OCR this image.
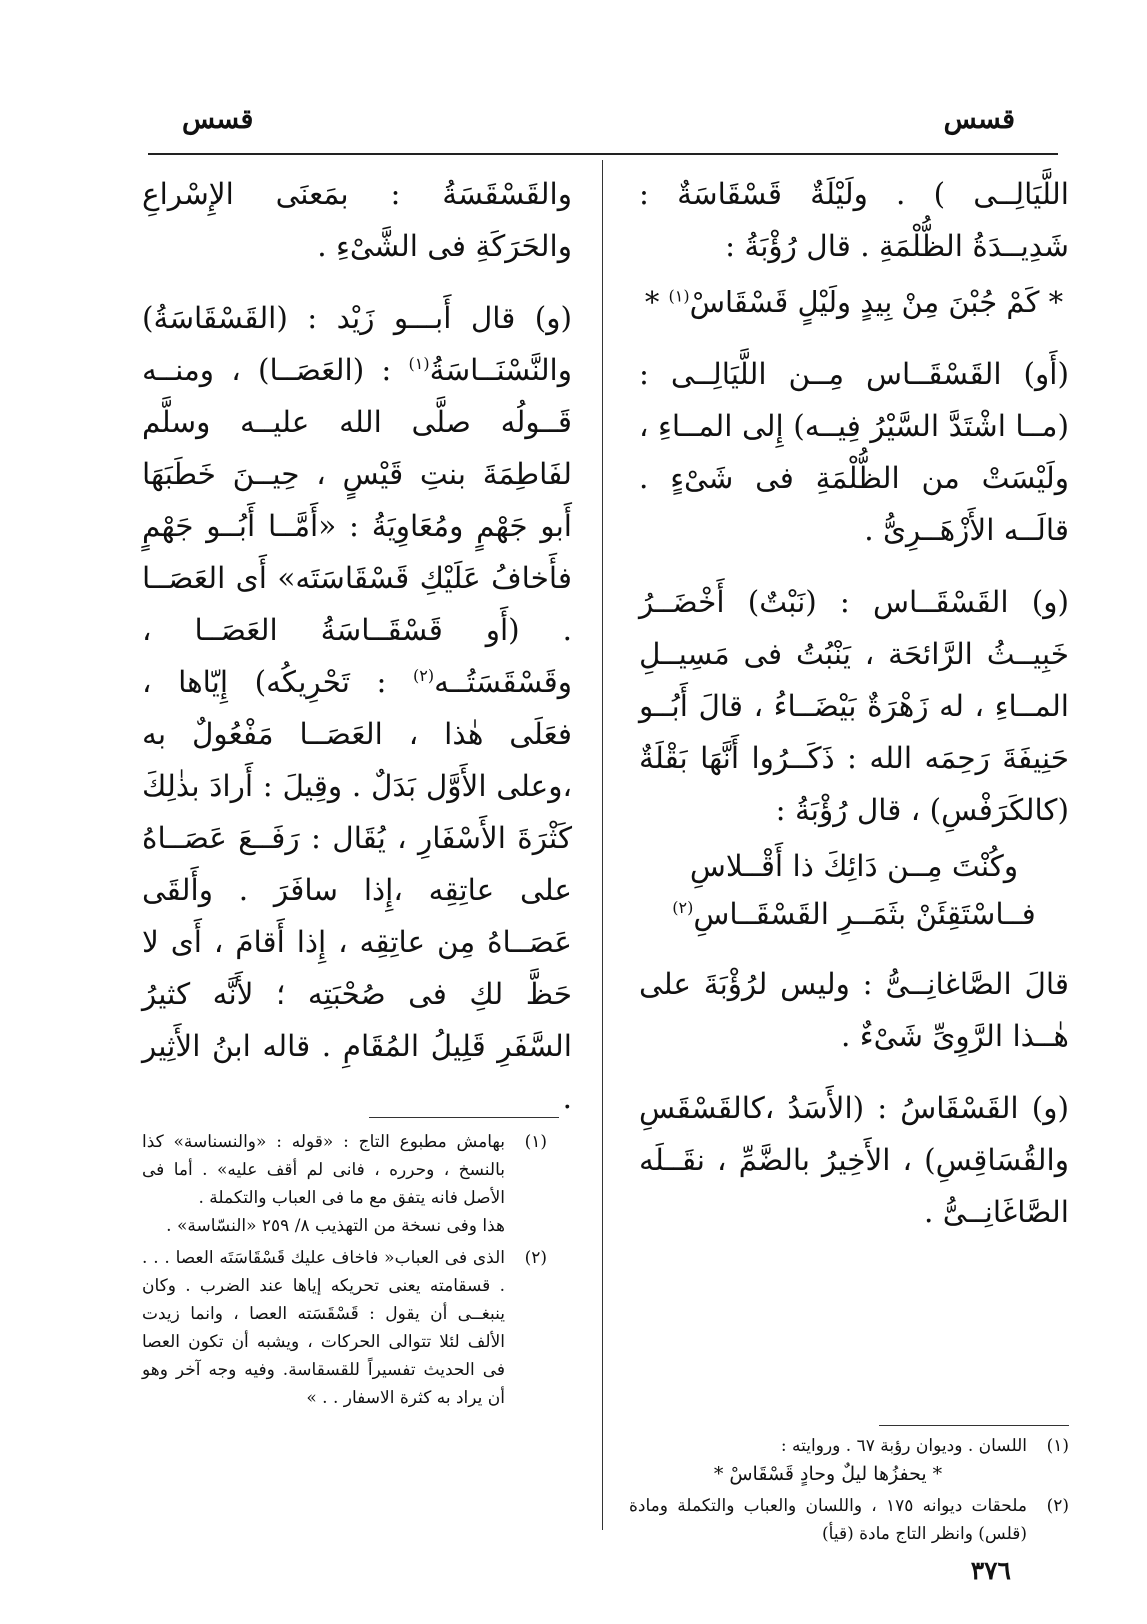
قسس
قسس

اللَّيَالِــى ) . ولَيْلَةٌ قَسْقَاسَةٌ : شَدِيــدَةُ الظُّلْمَةِ . قال رُؤْبَةُ :

* كَمْ جُبْنَ مِنْ بِيدٍ ولَيْلٍ قَسْقَاسْ$^{(١)}$ *

(أَو) القَسْقَــاس مِــن اللَّيَالِــى : (مــا اشْتَدَّ السَّيْرُ فِيــه) إِلى المــاءِ ، ولَيْسَتْ من الظُّلْمَةِ فى شَىْءٍ . قالَــه الأَزْهَــرِىُّ .

(و) القَسْقَــاس : (نَبْتٌ) أَخْضَــرُ خَبِيــثُ الرَّائحَة ، يَنْبُتُ فى مَسِيــلِ المــاءِ ، له زَهْرَةٌ بَيْضَــاءُ ، قالَ أَبُــو حَنِيفَةَ رَحِمَه الله : ذَكَــرُوا أَنَّهَا بَقْلَةٌ (كالكَرَفْسِ) ، قال رُؤْبَةُ :

وكُنْتَ مِــن دَائِكَ ذا أَقْــلاسِ
فــاسْتَقِئَنْ بثَمَــرِ القَسْقَــاسِ$^{(٢)}$

قالَ الصَّاغانِــىُّ : وليس لرُؤْبَةَ على هٰــذا الرَّوِىِّ شَىْءٌ .

(و) القَسْقَاسُ : (الأَسَدُ ،كالقَسْقَسِ والقُسَاقِسِ) ، الأَخِيرُ بالضَّمِّ ، نقَــلَه الصَّاغَانِــىُّ .

والقَسْقَسَةُ : بمَعنَى الإِسْراعِ والحَرَكَةِ فى الشَّىْءِ .

(و) قال أَبـــو زَيْد : (القَسْقَاسَةُ) والنَّسْنَــاسَةُ$^{(١)}$ : (العَصَــا) ، ومنــه قَــولُه صلَّى الله عليــه وسلَّم لفَاطِمَةَ بنتِ قَيْسٍ ، حِيــنَ خَطَبَهَا أَبو جَهْمٍ ومُعَاوِيَةُ : «أَمَّــا أَبُــو جَهْمٍ فأَخافُ عَلَيْكِ قَسْقَاسَتَه» أَى العَصَــا . (أَو قَسْقَــاسَةُ العَصَــا ، وقَسْقَسَتُــه$^{(٢)}$ : تَحْرِيكُه) إِيّاها ، فعَلَى هٰذا ، العَصَــا مَفْعُولٌ به ،وعلى الأَوَّل بَدَلٌ . وقِيلَ : أَرادَ بذٰلِكَ كَثْرَةَ الأَسْفَارِ ، يُقَال : رَفَــعَ عَصَــاهُ على عاتِقِه ،إِذا سافَرَ . وأَلقَى عَصَــاهُ مِن عاتِقِه ، إِذا أَقامَ ، أَى لا حَظَّ لكِ فى صُحْبَتِه ؛ لأَنَّه كثيرُ السَّفَرِ قَلِيلُ المُقَامِ . قاله ابنُ الأَثِير .

(١)
بهامش مطبوع التاج : «قوله : «والنسناسة» كذا بالنسخ ، وحرره ، فانى لم أقف عليه» . أما فى الأصل فانه يتفق مع ما فى العباب والتكملة .
هذا وفى نسخة من التهذيب ٨/ ٢٥٩ «النسّاسة» .
(٢)
الذى فى العباب« فاخاف عليك قَسْقَاسَتَه العصا . . . . قسقامته يعنى تحريكه إياها عند الضرب . وكان ينبغــى أن يقول : قَسْقَسَته العصا ، وانما زيدت الألف لئلا تتوالى الحركات ، ويشبه أن تكون العصا فى الحديث تفسيراً للقسقاسة. وفيه وجه آخر وهو أن يراد به كثرة الاسفار . . »
(١)
اللسان . وديوان رؤبة ٦٧ . وروايته :
* يحفزُها ليلٌ وحادٍ قَسْقَاسْ *
(٢)
ملحقات ديوانه ١٧٥ ، واللسان والعباب والتكملة ومادة (قلس) وانظر التاج مادة (قيأ)
٣٧٦
